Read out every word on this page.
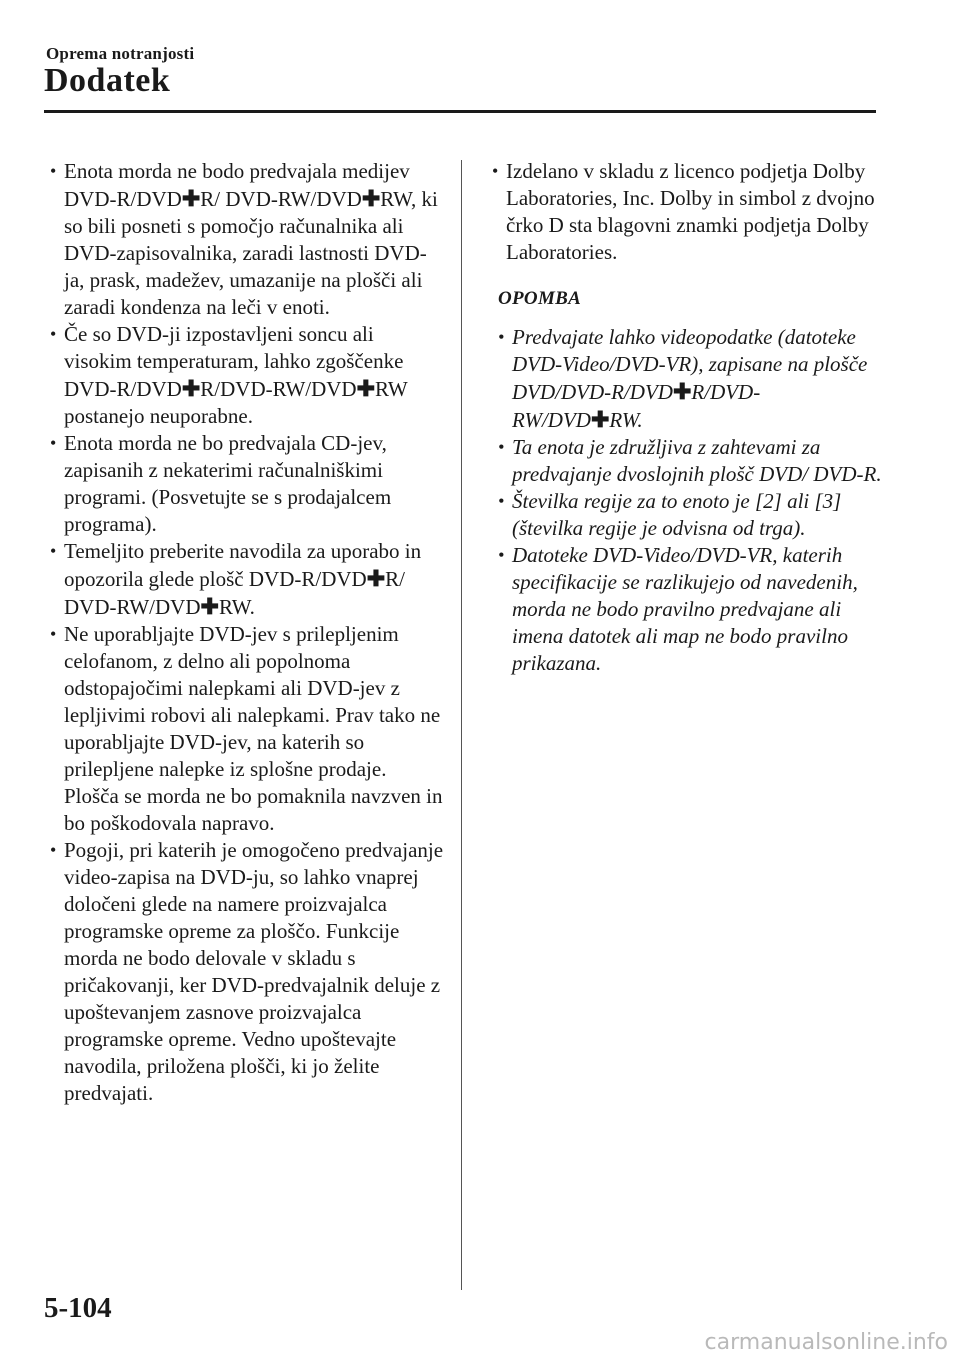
Oprema notranjosti
Dodatek
• Enota morda ne bodo predvajala medijev DVD-R/DVD✚R/ DVD-RW/DVD✚RW, ki so bili posneti s pomočjo računalnika ali DVD-zapisovalnika, zaradi lastnosti DVD-ja, prask, madežev, umazanije na plošči ali zaradi kondenza na leči v enoti.
• Če so DVD-ji izpostavljeni soncu ali visokim temperaturam, lahko zgoščenke DVD-R/DVD✚R/DVD-RW/DVD✚RW postanejo neuporabne.
• Enota morda ne bo predvajala CD-jev, zapisanih z nekaterimi računalniškimi programi. (Posvetujte se s prodajalcem programa).
• Temeljito preberite navodila za uporabo in opozorila glede plošč DVD-R/DVD✚R/ DVD-RW/DVD✚RW.
• Ne uporabljajte DVD-jev s prilepljenim celofanom, z delno ali popolnoma odstopajočimi nalepkami ali DVD-jev z lepljivimi robovi ali nalepkami. Prav tako ne uporabljajte DVD-jev, na katerih so prilepljene nalepke iz splošne prodaje. Plošča se morda ne bo pomaknila navzven in bo poškodovala napravo.
• Pogoji, pri katerih je omogočeno predvajanje video-zapisa na DVD-ju, so lahko vnaprej določeni glede na namere proizvajalca programske opreme za ploščo. Funkcije morda ne bodo delovale v skladu s pričakovanji, ker DVD-predvajalnik deluje z upoštevanjem zasnove proizvajalca programske opreme. Vedno upoštevajte navodila, priložena plošči, ki jo želite predvajati.
• Izdelano v skladu z licenco podjetja Dolby Laboratories, Inc. Dolby in simbol z dvojno črko D sta blagovni znamki podjetja Dolby Laboratories.
OPOMBA
• Predvajate lahko videopodatke (datoteke DVD-Video/DVD-VR), zapisane na plošče DVD/DVD-R/DVD✚R/DVD-RW/DVD✚RW.
• Ta enota je združljiva z zahtevami za predvajanje dvoslojnih plošč DVD/ DVD-R.
• Številka regije za to enoto je [2] ali [3] (številka regije je odvisna od trga).
• Datoteke DVD-Video/DVD-VR, katerih specifikacije se razlikujejo od navedenih, morda ne bodo pravilno predvajane ali imena datotek ali map ne bodo pravilno prikazana.
5-104
carmanualsonline.info
